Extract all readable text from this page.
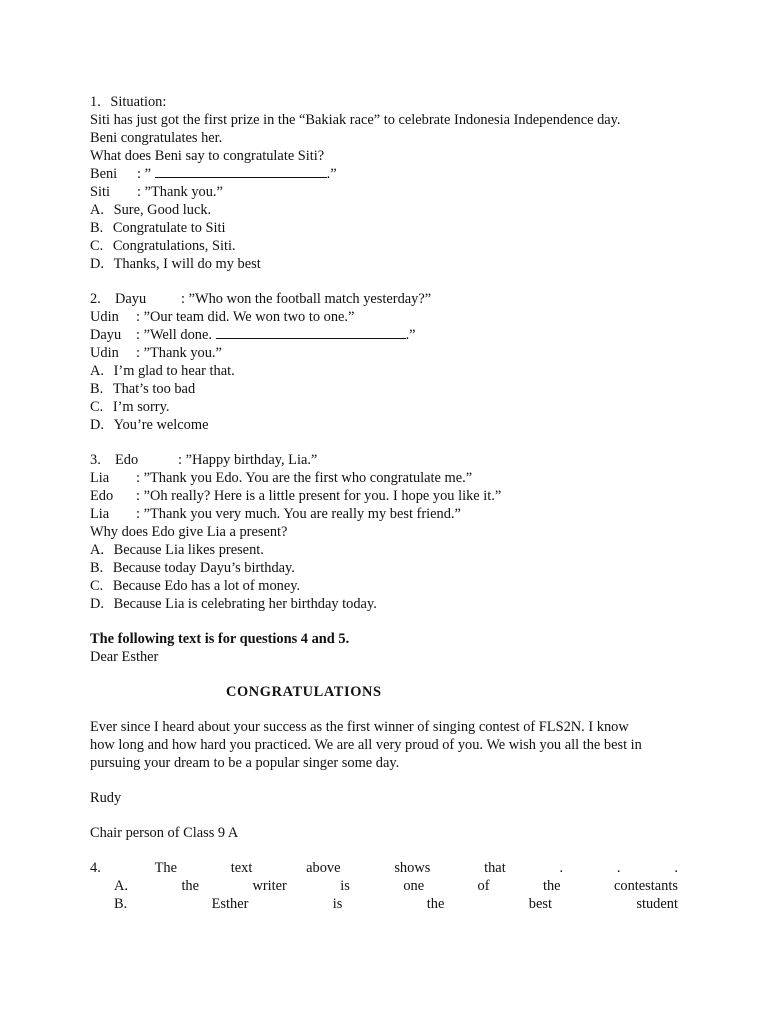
1. Situation:
Siti has just got the first prize in the “Bakiak race” to celebrate Indonesia Independence day.
Beni congratulates her.
What does Beni say to congratulate Siti?
Beni : ”	.”
Siti : ”Thank you.”
A. Sure, Good luck.
B. Congratulate to Siti
C. Congratulations, Siti.
D. Thanks, I will do my best
2. Dayu : ”Who won the football match yesterday?”
Udin : ”Our team did. We won two to one.”
Dayu : ”Well done.	.”
Udin : ”Thank you.”
A. I’m glad to hear that.
B. That’s too bad
C. I’m sorry.
D. You’re welcome
3. Edo	: ”Happy birthday, Lia.”
Lia : ”Thank you Edo. You are the first who congratulate me.”
Edo : ”Oh really? Here is a little present for you. I hope you like it.”
Lia : ”Thank you very much. You are really my best friend.”
Why does Edo give Lia a present?
A. Because Lia likes present.
B. Because today Dayu’s birthday.
C. Because Edo has a lot of money.
D. Because Lia is celebrating her birthday today.
The following text is for questions 4 and 5.
Dear Esther
CONGRATULATIONS
Ever since I heard about your success as the first winner of singing contest of FLS2N. I know
how long and how hard you practiced. We are all very proud of you. We wish you all the best in
pursuing your dream to be a popular singer some day.
Rudy
Chair person of Class 9 A
4.	The	text	above	shows	that	.	.	.
A.	the	writer	is	one	of	the	contestants
B.	Esther	is	the	best	student
